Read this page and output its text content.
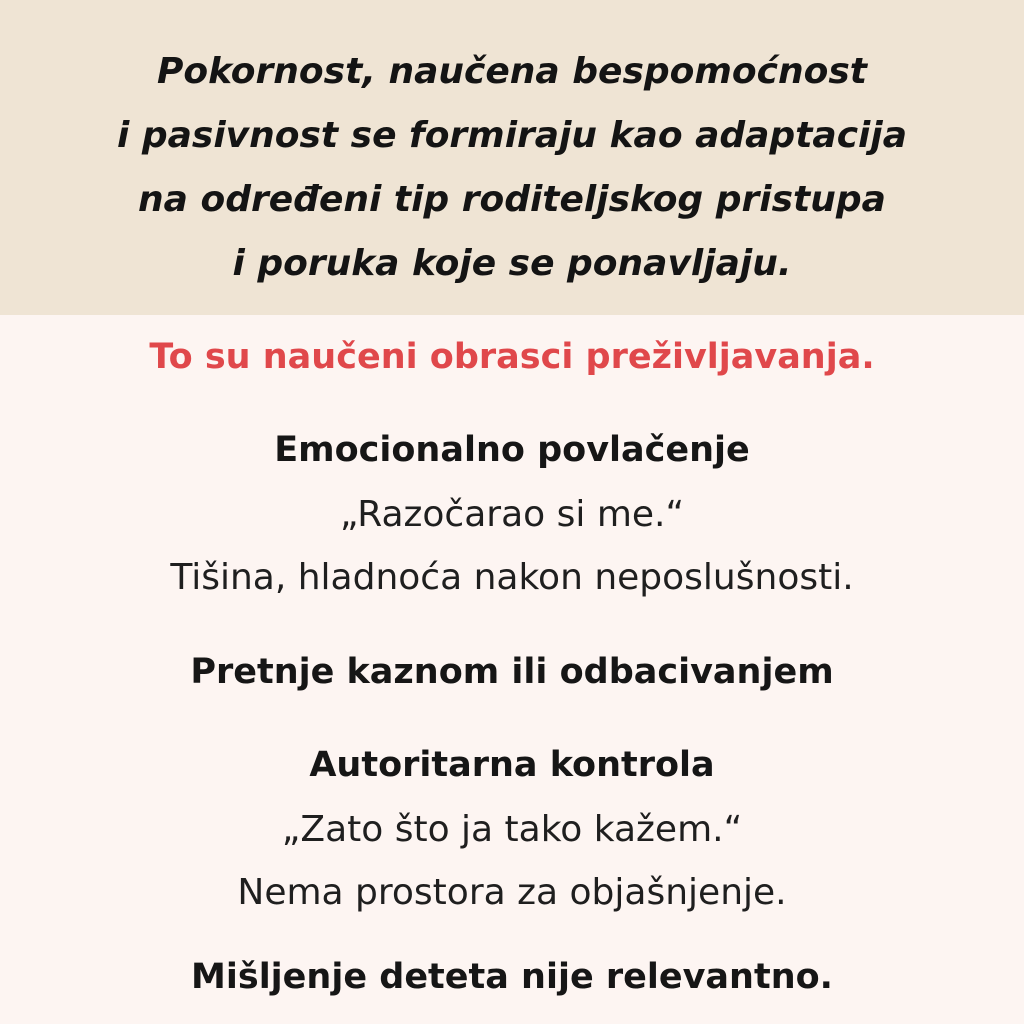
Pokornost, naučena bespomoćnost
i pasivnost se formiraju kao adaptacija
na određeni tip roditeljskog pristupa
i poruka koje se ponavljaju.
To su naučeni obrasci preživljavanja.
Emocionalno povlačenje
„Razočarao si me.“
Tišina, hladnoća nakon neposlušnosti.
Pretnje kaznom ili odbacivanjem
Autoritarna kontrola
„Zato što ja tako kažem.“
Nema prostora za objašnjenje.
Mišljenje deteta nije relevantno.
